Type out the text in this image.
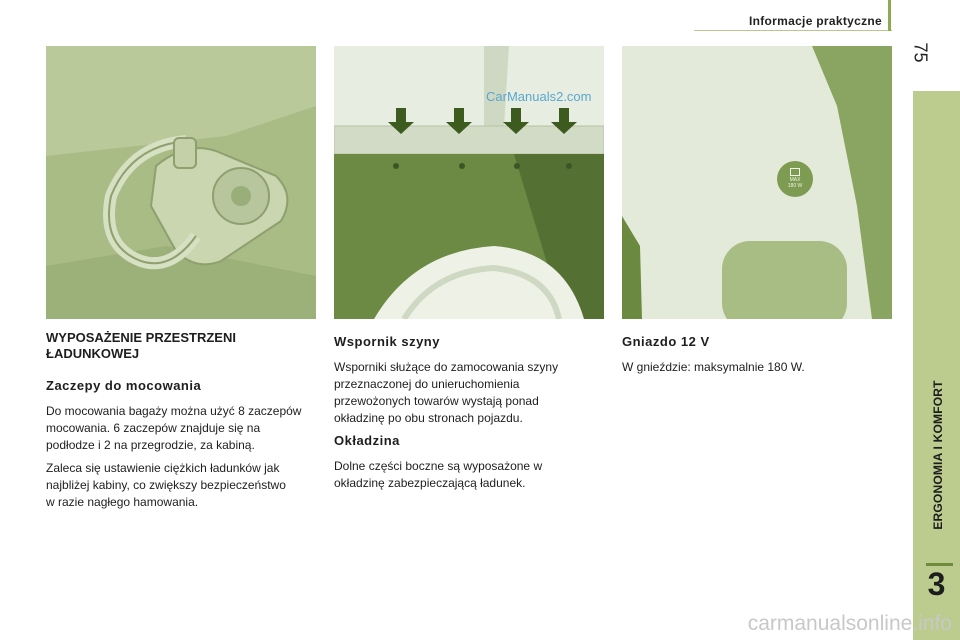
Informacje praktyczne
75
ERGONOMIA I KOMFORT
3
CarManuals2.com
MAX
180 W
WYPOSAŻENIE PRZESTRZENI ŁADUNKOWEJ
Zaczepy do mocowania

Do mocowania bagaży można użyć 8 zaczepów mocowania. 6 zaczepów znajduje się na podłodze i 2 na przegrodzie, za kabiną.

Zaleca się ustawienie ciężkich ładunków jak najbliżej kabiny, co zwiększy bezpieczeństwo w razie nagłego hamowania.

Wspornik szyny

Wsporniki służące do zamocowania szyny przeznaczonej do unieruchomienia przewożonych towarów wystają ponad okładzinę po obu stronach pojazdu.

Okładzina

Dolne części boczne są wyposażone w okładzinę zabezpieczającą ładunek.

Gniazdo 12 V

W gnieździe: maksymalnie 180 W.

carmanualsonline.info
